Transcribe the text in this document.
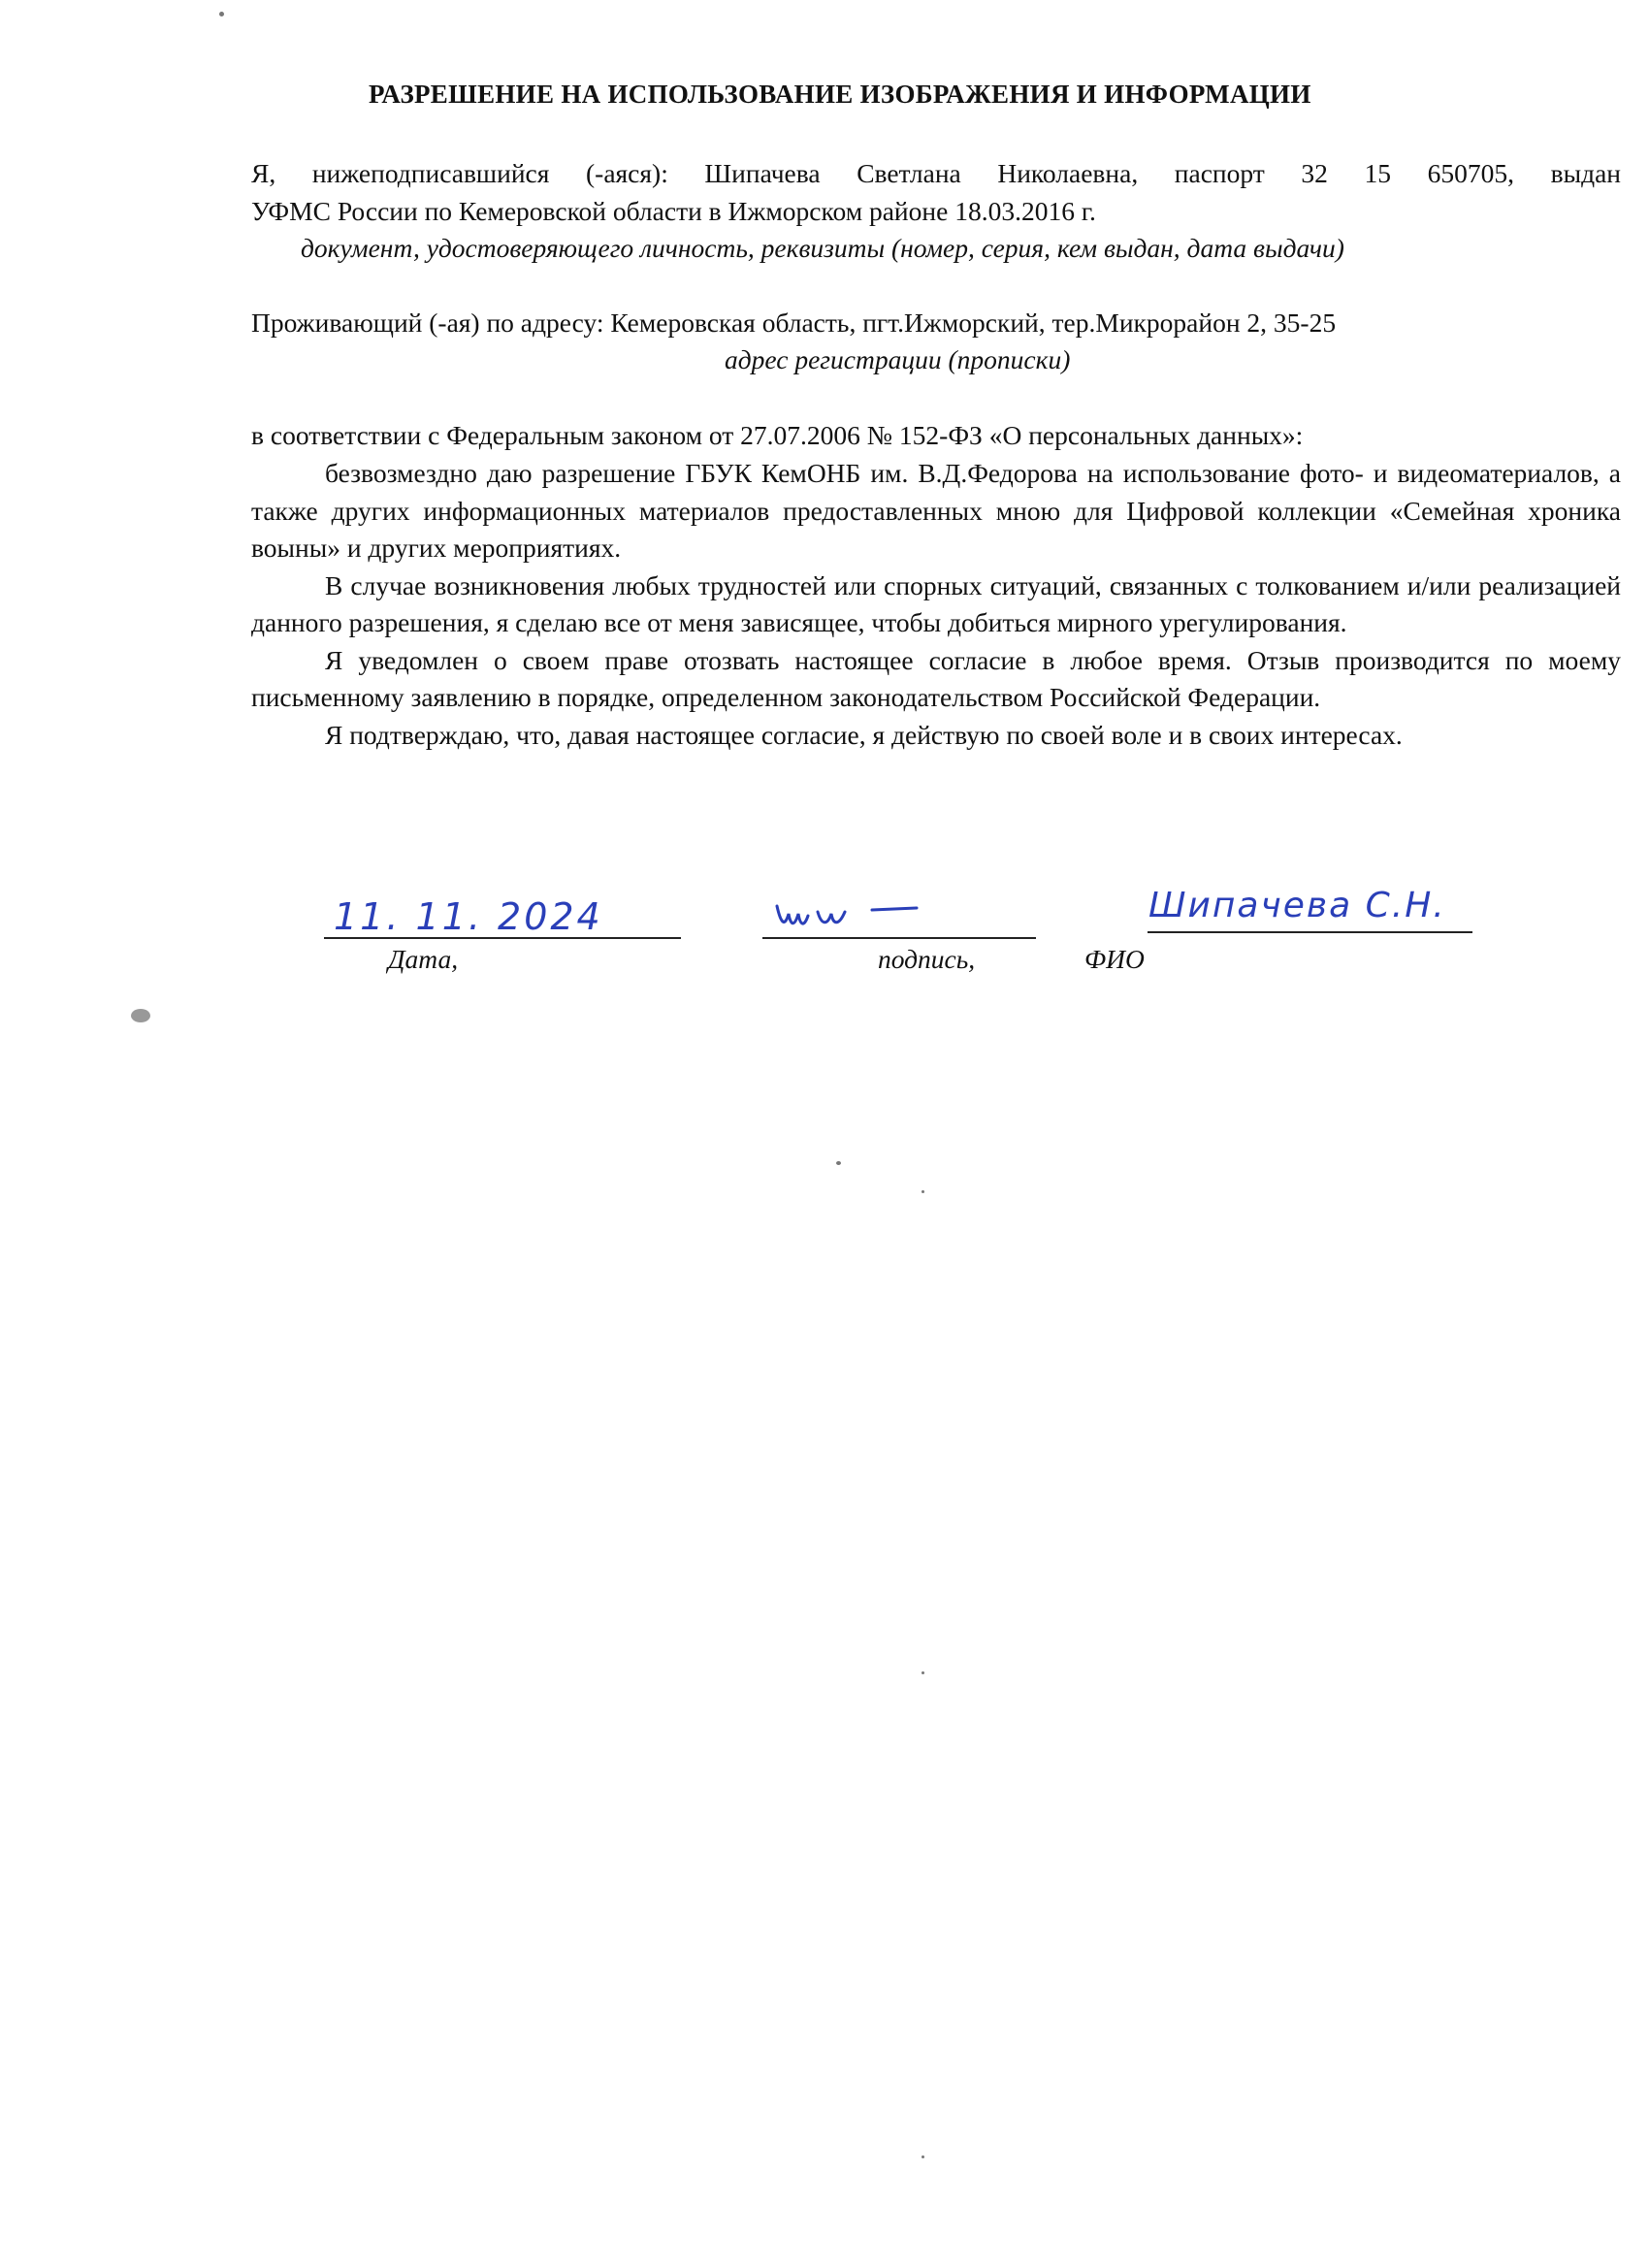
РАЗРЕШЕНИЕ НА ИСПОЛЬЗОВАНИЕ ИЗОБРАЖЕНИЯ И ИНФОРМАЦИИ
Я, нижеподписавшийся (-аяся): Шипачева Светлана Николаевна, паспорт 32 15 650705, выдан
УФМС России по Кемеровской области в Ижморском районе 18.03.2016 г.
документ, удостоверяющего личность, реквизиты (номер, серия, кем выдан, дата выдачи)
Проживающий (-ая) по адресу: Кемеровская область, пгт.Ижморский, тер.Микрорайон 2, 35-25
адрес регистрации (прописки)
в соответствии с Федеральным законом от 27.07.2006 № 152-ФЗ «О персональных данных»:

безвозмездно даю разрешение ГБУК КемОНБ им. В.Д.Федорова на использование фото- и видеоматериалов, а также других информационных материалов предоставленных мною для Цифровой коллекции «Семейная хроника воыны» и других мероприятиях.

В случае возникновения любых трудностей или спорных ситуаций, связанных с толкованием и/или реализацией данного разрешения, я сделаю все от меня зависящее, чтобы добиться мирного урегулирования.

Я уведомлен о своем праве отозвать настоящее согласие в любое время. Отзыв производится по моему письменному заявлению в порядке, определенном законодательством Российской Федерации.

Я подтверждаю, что, давая настоящее согласие, я действую по своей воле и в своих интересах.

11. 11. 2024
Дата,	подпись,
Шипачева С.Н.
ФИО
